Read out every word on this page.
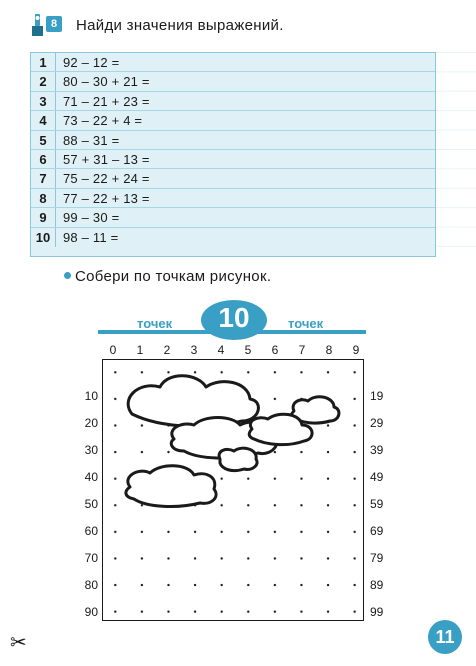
8	Найди значения выражений.
1	92 – 12 =
2	80 – 30 + 21 =
3	71 – 21 + 23 =
4	73 – 22 + 4 =
5	88 – 31 =
6	57 + 31 – 13 =
7	75 – 22 + 24 =
8	77 – 22 + 13 =
9	99 – 30 =
10 98 – 11 =
Собери по точкам рисунок.
точек	точек
10
0	1	2	3	4	5	6	7	8	9
10
20
30
40
50
60
70
80
90
19
29
39
49
59
69
79
89
99
✂	11
